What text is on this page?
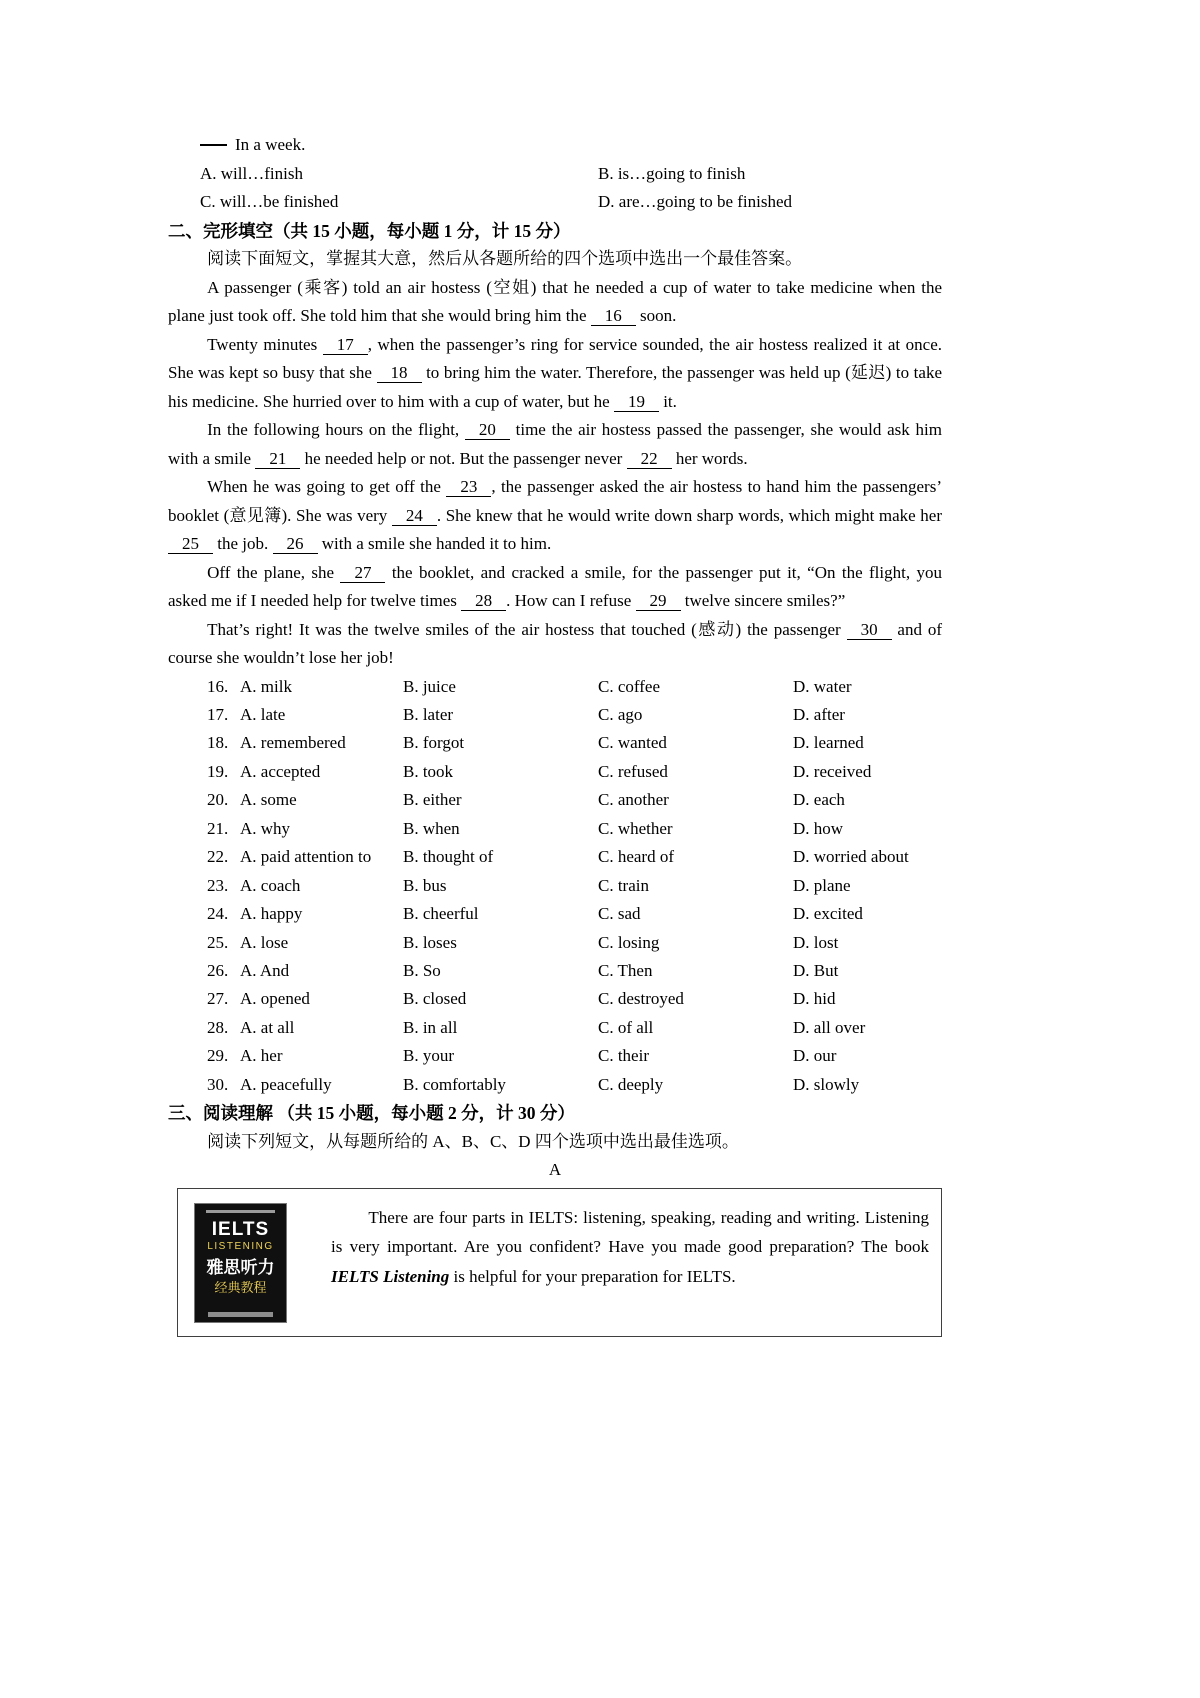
In a week.
A. will…finish	B. is…going to finish
C. will…be finished	D. are…going to be finished
二、完形填空（共 15 小题，每小题 1 分，计 15 分）

阅读下面短文，掌握其大意，然后从各题所给的四个选项中选出一个最佳答案。

A passenger (乘客) told an air hostess (空姐) that he needed a cup of water to take medicine when the plane just took off. She told him that she would bring him the 16 soon.

Twenty minutes 17 , when the passenger’s ring for service sounded, the air hostess realized it at once. She was kept so busy that she 18 to bring him the water. Therefore, the passenger was held up (延迟) to take his medicine. She hurried over to him with a cup of water, but he 19 it.

In the following hours on the flight, 20 time the air hostess passed the passenger, she would ask him with a smile 21 he needed help or not. But the passenger never 22 her words.

When he was going to get off the 23 , the passenger asked the air hostess to hand him the passengers’ booklet (意见簿). She was very 24 . She knew that he would write down sharp words, which might make her 25 the job. 26 with a smile she handed it to him.

Off the plane, she 27 the booklet, and cracked a smile, for the passenger put it, “On the flight, you asked me if I needed help for twelve times 28 . How can I refuse 29 twelve sincere smiles?”

That’s right! It was the twelve smiles of the air hostess that touched (感动) the passenger 30 and of course she wouldn’t lose her job!

16. A. milk	B. juice	C. coffee	D. water
17. A. late	B. later	C. ago	D. after
18. A. remembered	B. forgot	C. wanted	D. learned
19. A. accepted	B. took	C. refused	D. received
20. A. some	B. either	C. another	D. each
21. A. why	B. when	C. whether	D. how
22. A. paid attention to	B. thought of	C. heard of	D. worried about
23. A. coach	B. bus	C. train	D. plane
24. A. happy	B. cheerful	C. sad	D. excited
25. A. lose	B. loses	C. losing	D. lost
26. A. And	B. So	C. Then	D. But
27. A. opened	B. closed	C. destroyed	D. hid
28. A. at all	B. in all	C. of all	D. all over
29. A. her	B. your	C. their	D. our
30. A. peacefully	B. comfortably	C. deeply	D. slowly
三、阅读理解 （共 15 小题，每小题 2 分，计 30 分）

阅读下列短文，从每题所给的 A、B、C、D 四个选项中选出最佳选项。

A
IELTS
LISTENING
雅思听力
经典教程

There are four parts in IELTS: listening, speaking, reading and writing. Listening is very important. Are you confident? Have you made good preparation? The book IELTS Listening is helpful for your preparation for IELTS.
